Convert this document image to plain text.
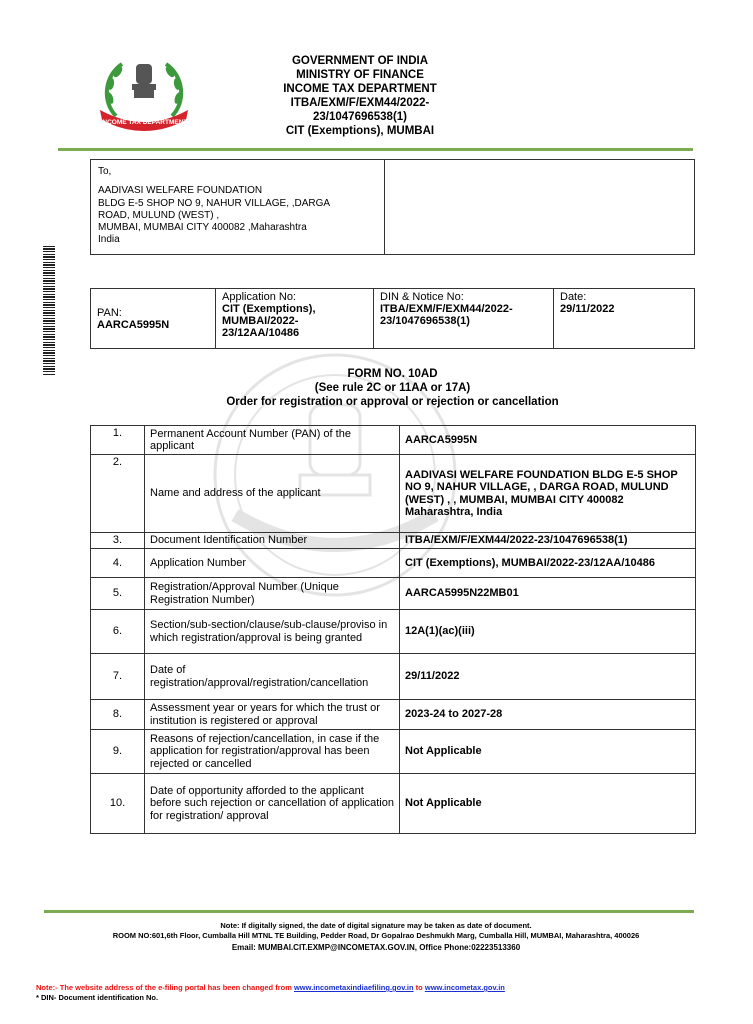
INCOME TAX DEPARTMENT
GOVERNMENT OF INDIA
MINISTRY OF FINANCE
INCOME TAX DEPARTMENT
ITBA/EXM/F/EXM44/2022-
23/1047696538(1)
CIT (Exemptions), MUMBAI
To,
AADIVASI WELFARE FOUNDATION
BLDG E-5 SHOP NO 9, NAHUR VILLAGE, ,DARGA
ROAD, MULUND (WEST) ,
MUMBAI, MUMBAI CITY 400082 ,Maharashtra
India
PAN:
AARCA5995N

Application No:
CIT (Exemptions), MUMBAI/2022-23/12AA/10486

DIN & Notice No:
ITBA/EXM/F/EXM44/2022-23/1047696538(1)

Date:
29/11/2022
FORM NO. 10AD
(See rule 2C or 11AA or 17A)
Order for registration or approval or rejection or cancellation
1.	Permanent Account Number (PAN) of the applicant	AARCA5995N
2.	Name and address of the applicant	AADIVASI WELFARE FOUNDATION BLDG E-5 SHOP NO 9, NAHUR VILLAGE, , DARGA ROAD, MULUND (WEST) , , MUMBAI, MUMBAI CITY 400082 Maharashtra, India
3.	Document Identification Number	ITBA/EXM/F/EXM44/2022-23/1047696538(1)
4.	Application Number	CIT (Exemptions), MUMBAI/2022-23/12AA/10486
5.	Registration/Approval Number (Unique Registration Number)	AARCA5995N22MB01
6.	Section/sub-section/clause/sub-clause/proviso in which registration/approval is being granted	12A(1)(ac)(iii)
7.	Date of registration/approval/registration/cancellation	29/11/2022
8.	Assessment year or years for which the trust or institution is registered or approval	2023-24 to 2027-28
9.	Reasons of rejection/cancellation, in case if the application for registration/approval has been rejected or cancelled	Not Applicable
10.	Date of opportunity afforded to the applicant before such rejection or cancellation of application for registration/ approval	Not Applicable
Note: If digitally signed, the date of digital signature may be taken as date of document.
ROOM NO:601,6th Floor, Cumballa Hill MTNL TE Building, Pedder Road, Dr Gopalrao Deshmukh Marg, Cumballa Hill, MUMBAI, Maharashtra, 400026
Email: MUMBAI.CIT.EXMP@INCOMETAX.GOV.IN, Office Phone:02223513360
Note:- The website address of the e-filing portal has been changed from www.incometaxindiaefiling.gov.in to www.incometax.gov.in
* DIN- Document identification No.
